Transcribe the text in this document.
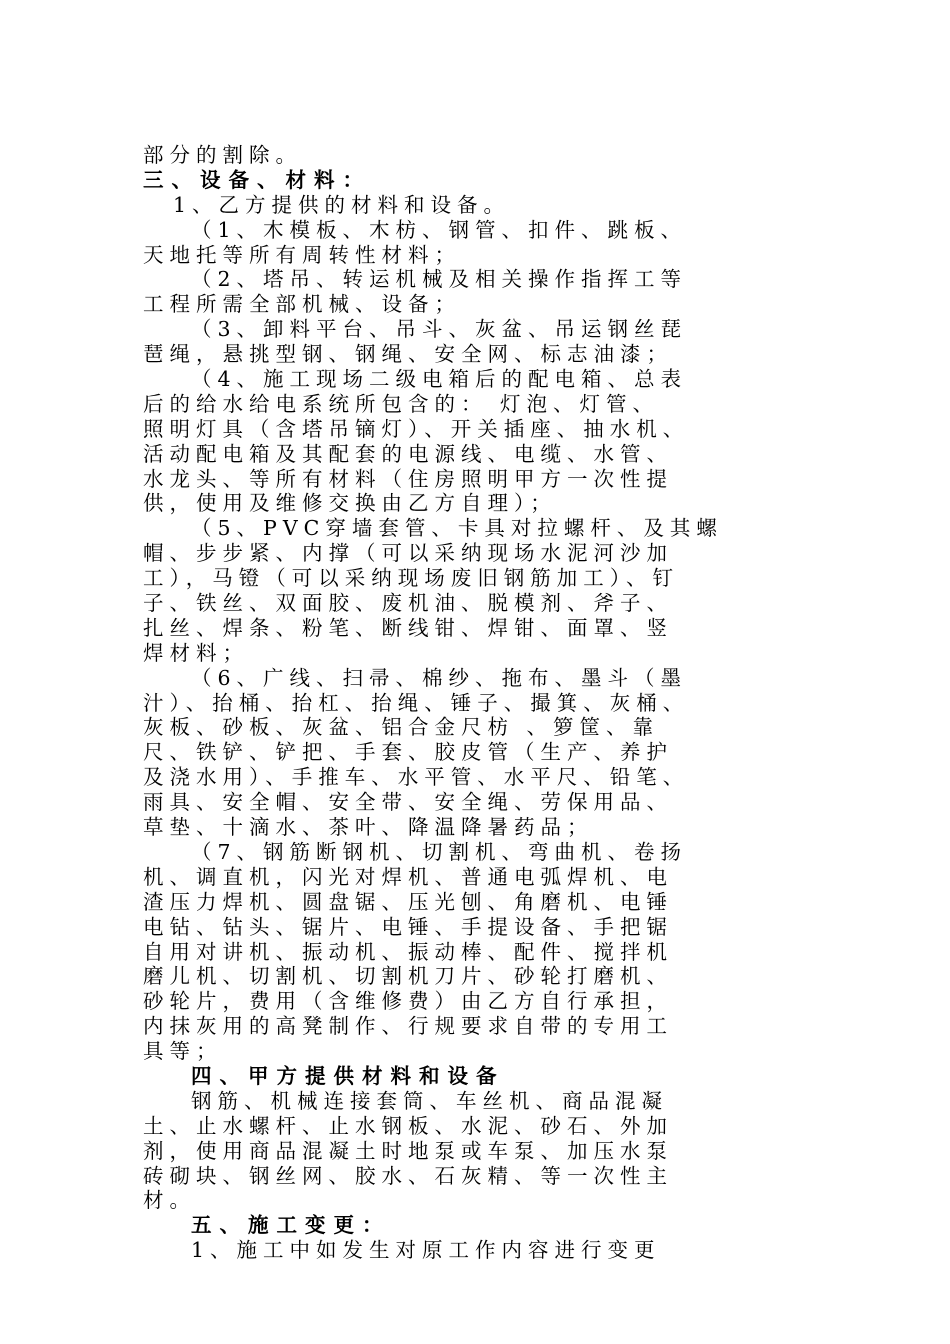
部分的割除。
三、设备、材料：
1、乙方提供的材料和设备。
（1、木模板、木枋、钢管、扣件、跳板、
天地托等所有周转性材料；
（2、塔吊、转运机械及相关操作指挥工等
工程所需全部机械、设备；
（3、卸料平台、吊斗、灰盆、吊运钢丝琵
琶绳，悬挑型钢、钢绳、安全网、标志油漆；
（4、施工现场二级电箱后的配电箱、总表
后的给水给电系统所包含的： 灯泡、灯管、
照明灯具（含塔吊镝灯）、开关插座、抽水机、
活动配电箱及其配套的电源线、电缆、水管、
水龙头、等所有材料（住房照明甲方一次性提
供，使用及维修交换由乙方自理）；
（5、PVC穿墙套管、卡具对拉螺杆、及其螺
帽、步步紧、内撑（可以采纳现场水泥河沙加
工），马镫（可以采纳现场废旧钢筋加工）、钉
子、铁丝、双面胶、废机油、脱模剂、斧子、
扎丝、焊条、粉笔、断线钳、焊钳、面罩、竖
焊材料；
（6、广线、扫帚、棉纱、拖布、墨斗（墨
汁）、抬桶、抬杠、抬绳、锤子、撮箕、灰桶、
灰板、砂板、灰盆、铝合金尺枋 、箩筐、靠
尺、铁铲、铲把、手套、胶皮管（生产、养护
及浇水用）、手推车、水平管、水平尺、铅笔、
雨具、安全帽、安全带、安全绳、劳保用品、
草垫、十滴水、茶叶、降温降暑药品；
（7、钢筋断钢机、切割机、弯曲机、卷扬
机、调直机，闪光对焊机、普通电弧焊机、电
渣压力焊机、圆盘锯、压光刨、角磨机、电锤
电钻、钻头、锯片、电锤、手提设备、手把锯
自用对讲机、振动机、振动棒、配件、搅拌机
磨儿机、切割机、切割机刀片、砂轮打磨机、
砂轮片，费用（含维修费）由乙方自行承担，
内抹灰用的高凳制作、行规要求自带的专用工
具等；
四、甲方提供材料和设备
钢筋、机械连接套筒、车丝机、商品混凝
土、止水螺杆、止水钢板、水泥、砂石、外加
剂，使用商品混凝土时地泵或车泵、加压水泵
砖砌块、钢丝网、胶水、石灰精、等一次性主
材。
五、施工变更：
1、施工中如发生对原工作内容进行变更
